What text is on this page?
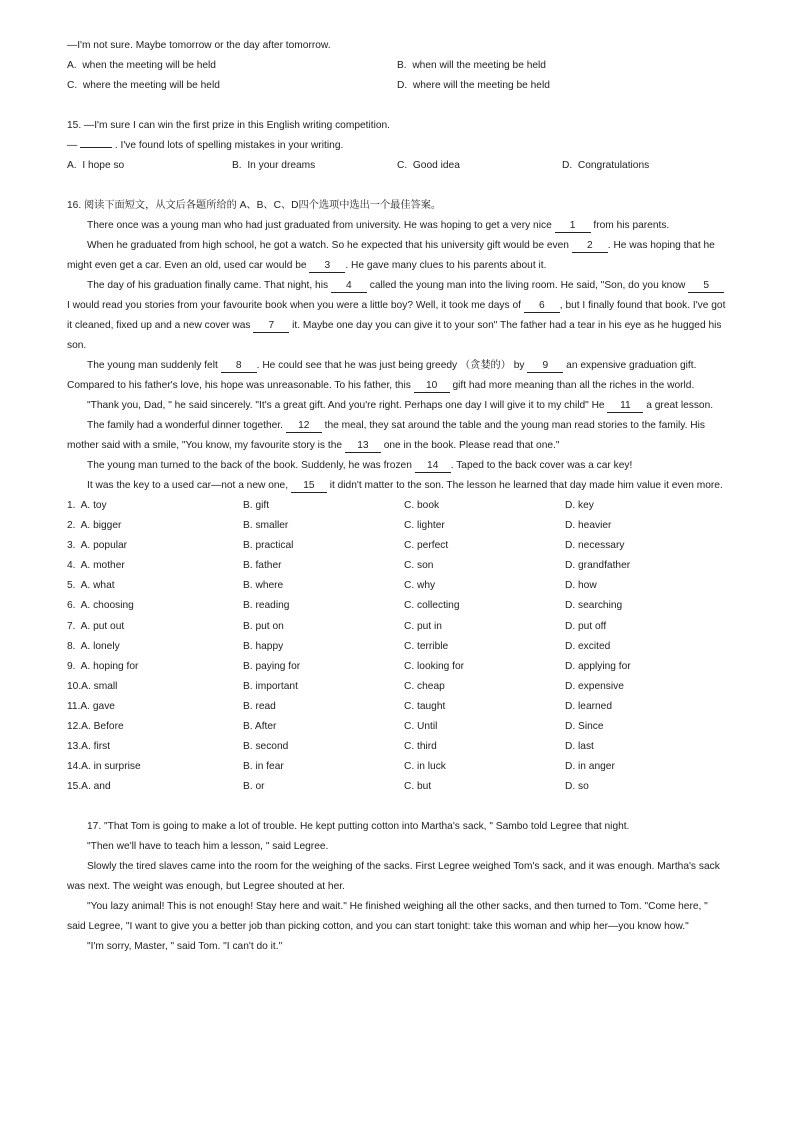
—I'm not sure. Maybe tomorrow or the day after tomorrow.
A. when the meeting will be held	B. when will the meeting be held
C. where the meeting will be held	D. where will the meeting be held
15. —I'm sure I can win the first prize in this English writing competition.
—	. I've found lots of spelling mistakes in your writing.
A. I hope so	B. In your dreams	C. Good idea	D. Congratulations
16. 阅读下面短文，从文后各题所给的 A、B、C、D四个选项中选出一个最佳答案。
There once was a young man who had just graduated from university. He was hoping to get a very nice 1 from his parents.
When he graduated from high school, he got a watch. So he expected that his university gift would be even 2 . He was hoping that he might even get a car. Even an old, used car would be 3 . He gave many clues to his parents about it.
The day of his graduation finally came. That night, his 4 called the young man into the living room. He said, "Son, do you know 5 I would read you stories from your favourite book when you were a little boy? Well, it took me days of 6 , but I finally found that book. I've got it cleaned, fixed up and a new cover was 7 it. Maybe one day you can give it to your son" The father had a tear in his eye as he hugged his son.
The young man suddenly felt 8 . He could see that he was just being greedy （贪婪的） by 9 an expensive graduation gift. Compared to his father's love, his hope was unreasonable. To his father, this 10 gift had more meaning than all the riches in the world.
"Thank you, Dad, " he said sincerely. "It's a great gift. And you're right. Perhaps one day I will give it to my child" He 11 a great lesson.
The family had a wonderful dinner together. 12 the meal, they sat around the table and the young man read stories to the family. His mother said with a smile, "You know, my favourite story is the 13 one in the book. Please read that one."
The young man turned to the back of the book. Suddenly, he was frozen 14 . Taped to the back cover was a car key!
It was the key to a used car—not a new one, 15 it didn't matter to the son. The lesson he learned that day made him value it even more.
1. A. toy	B. gift	C. book	D. key
2. A. bigger	B. smaller	C. lighter	D. heavier
3. A. popular	B. practical	C. perfect	D. necessary
4. A. mother	B. father	C. son	D. grandfather
5. A. what	B. where	C. why	D. how
6. A. choosing	B. reading	C. collecting	D. searching
7. A. put out	B. put on	C. put in	D. put off
8. A. lonely	B. happy	C. terrible	D. excited
9. A. hoping for	B. paying for	C. looking for	D. applying for
10.A. small	B. important	C. cheap	D. expensive
11.A. gave	B. read	C. taught	D. learned
12.A. Before	B. After	C. Until	D. Since
13.A. first	B. second	C. third	D. last
14.A. in surprise	B. in fear	C. in luck	D. in anger
15.A. and	B. or	C. but	D. so
17. "That Tom is going to make a lot of trouble. He kept putting cotton into Martha's sack, " Sambo told Legree that night.
"Then we'll have to teach him a lesson, " said Legree.
Slowly the tired slaves came into the room for the weighing of the sacks. First Legree weighed Tom's sack, and it was enough. Martha's sack was next. The weight was enough, but Legree shouted at her.
"You lazy animal! This is not enough! Stay here and wait." He finished weighing all the other sacks, and then turned to Tom. "Come here, " said Legree, "I want to give you a better job than picking cotton, and you can start tonight: take this woman and whip her—you know how."
"I'm sorry, Master, " said Tom. "I can't do it."
